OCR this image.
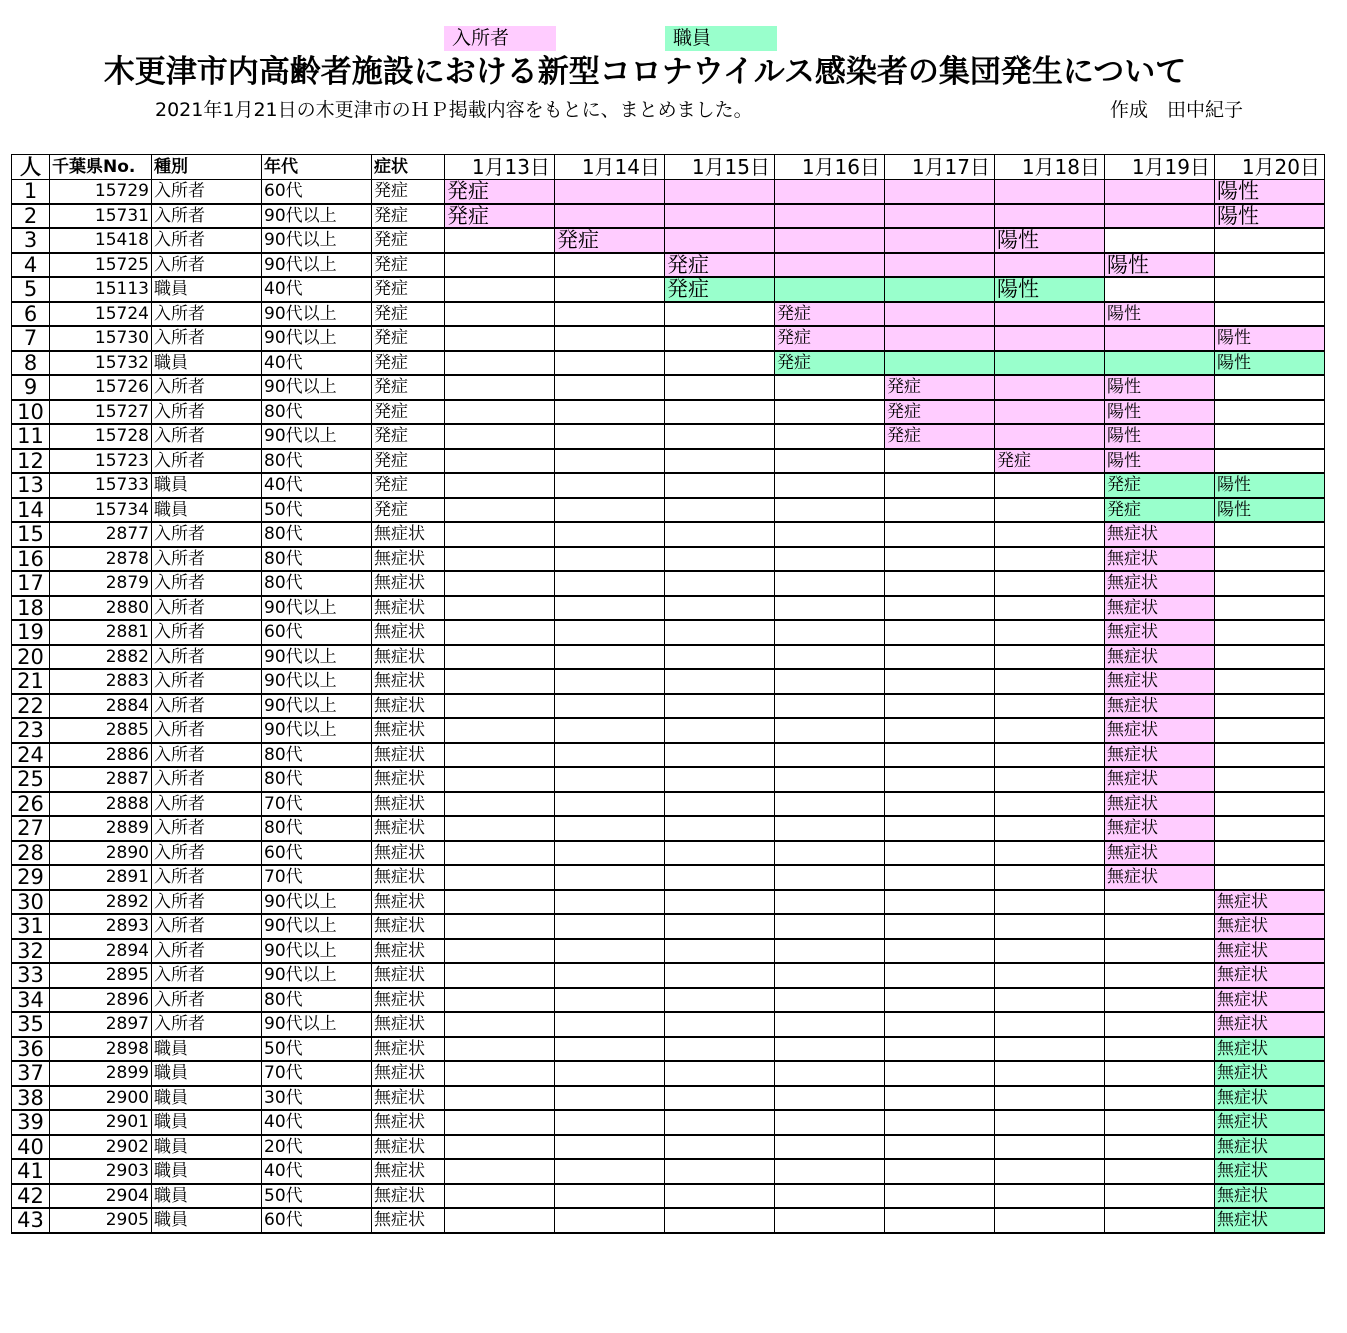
入所者	職員
木更津市内高齢者施設における新型コロナウイルス感染者の集団発生について
2021年1月21日の木更津市のＨＰ掲載内容をもとに、まとめました。	作成　田中紀子
人	千葉県No.	種別	年代	症状	1月13日	1月14日	1月15日	1月16日	1月17日	1月18日	1月19日	1月20日
1	15729	入所者	60代	発症	発症							陽性
2	15731	入所者	90代以上	発症	発症							陽性
3	15418	入所者	90代以上	発症		発症				陽性		
4	15725	入所者	90代以上	発症			発症				陽性	
5	15113	職員	40代	発症			発症			陽性		
6	15724	入所者	90代以上	発症				発症			陽性	
7	15730	入所者	90代以上	発症				発症				陽性
8	15732	職員	40代	発症				発症				陽性
9	15726	入所者	90代以上	発症					発症		陽性	
10	15727	入所者	80代	発症					発症		陽性	
11	15728	入所者	90代以上	発症					発症		陽性	
12	15723	入所者	80代	発症						発症	陽性	
13	15733	職員	40代	発症							発症	陽性
14	15734	職員	50代	発症							発症	陽性
15	2877	入所者	80代	無症状							無症状	
16	2878	入所者	80代	無症状							無症状	
17	2879	入所者	80代	無症状							無症状	
18	2880	入所者	90代以上	無症状							無症状	
19	2881	入所者	60代	無症状							無症状	
20	2882	入所者	90代以上	無症状							無症状	
21	2883	入所者	90代以上	無症状							無症状	
22	2884	入所者	90代以上	無症状							無症状	
23	2885	入所者	90代以上	無症状							無症状	
24	2886	入所者	80代	無症状							無症状	
25	2887	入所者	80代	無症状							無症状	
26	2888	入所者	70代	無症状							無症状	
27	2889	入所者	80代	無症状							無症状	
28	2890	入所者	60代	無症状							無症状	
29	2891	入所者	70代	無症状							無症状	
30	2892	入所者	90代以上	無症状								無症状
31	2893	入所者	90代以上	無症状								無症状
32	2894	入所者	90代以上	無症状								無症状
33	2895	入所者	90代以上	無症状								無症状
34	2896	入所者	80代	無症状								無症状
35	2897	入所者	90代以上	無症状								無症状
36	2898	職員	50代	無症状								無症状
37	2899	職員	70代	無症状								無症状
38	2900	職員	30代	無症状								無症状
39	2901	職員	40代	無症状								無症状
40	2902	職員	20代	無症状								無症状
41	2903	職員	40代	無症状								無症状
42	2904	職員	50代	無症状								無症状
43	2905	職員	60代	無症状								無症状
